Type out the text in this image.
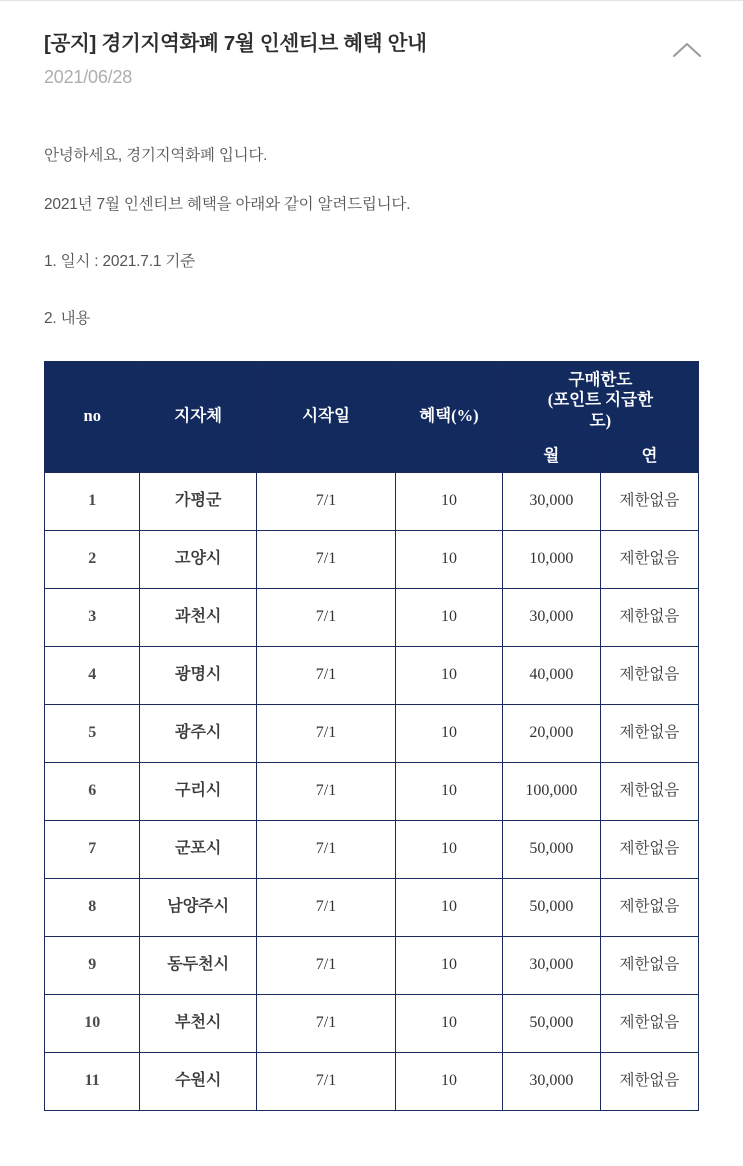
[공지] 경기지역화폐 7월 인센티브 혜택 안내
2021/06/28

안녕하세요, 경기지역화폐 입니다.

2021년 7월 인센티브 혜택을 아래와 같이 알려드립니다.

1. 일시 : 2021.7.1 기준

2. 내용

no	지자체	시작일	혜택(%)	구매한도
(포인트 지급한
도)	

				월	연
1	가평군	7/1	10	30,000	제한없음
2	고양시	7/1	10	10,000	제한없음
3	과천시	7/1	10	30,000	제한없음
4	광명시	7/1	10	40,000	제한없음
5	광주시	7/1	10	20,000	제한없음
6	구리시	7/1	10	100,000	제한없음
7	군포시	7/1	10	50,000	제한없음
8	남양주시	7/1	10	50,000	제한없음
9	동두천시	7/1	10	30,000	제한없음
10	부천시	7/1	10	50,000	제한없음
11	수원시	7/1	10	30,000	제한없음
